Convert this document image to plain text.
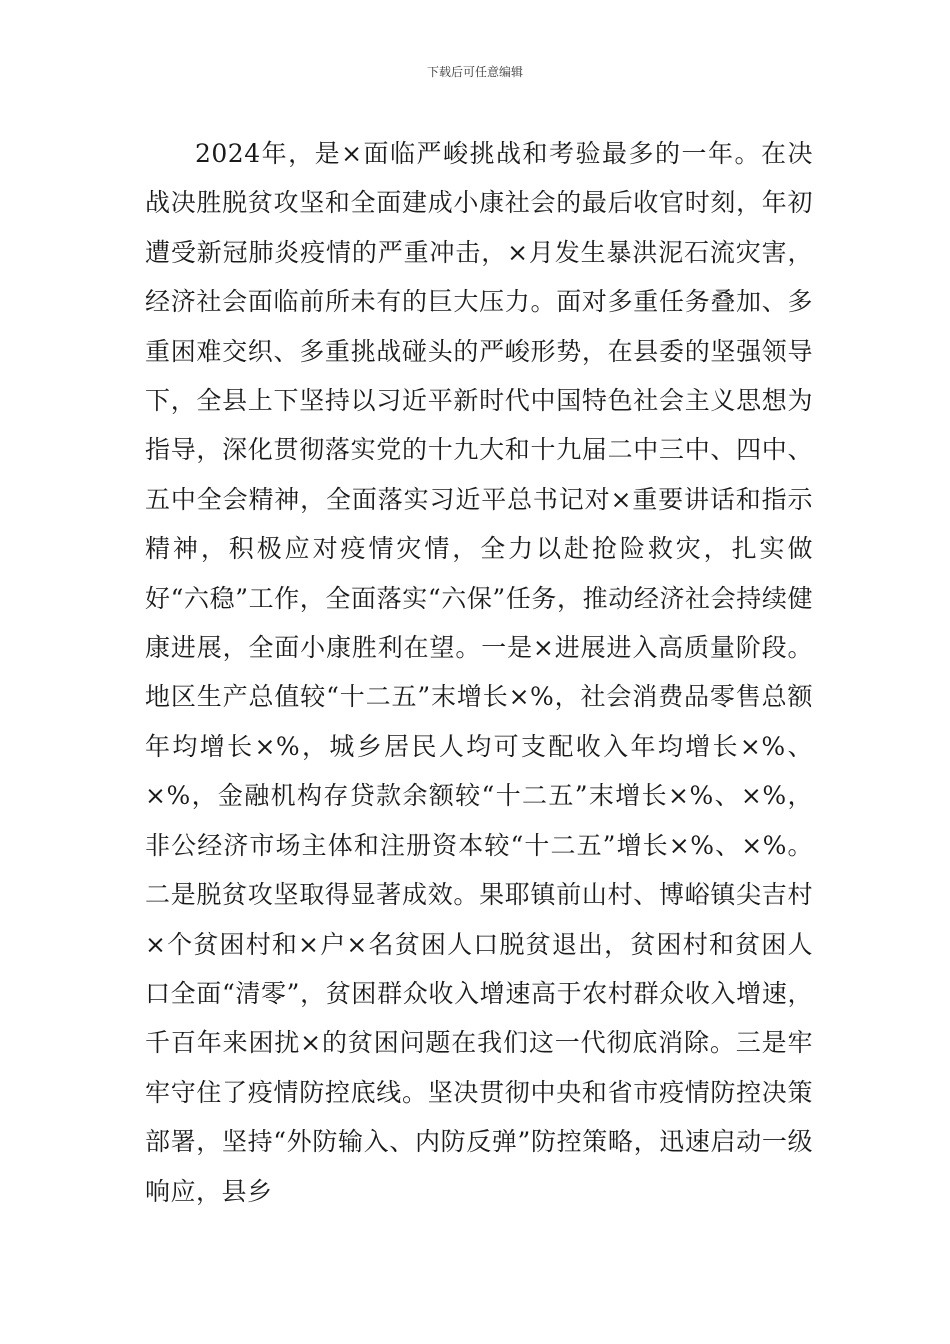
下载后可任意编辑

2024年，是×面临严峻挑战和考验最多的一年。在决战决胜脱贫攻坚和全面建成小康社会的最后收官时刻，年初遭受新冠肺炎疫情的严重冲击，×月发生暴洪泥石流灾害，经济社会面临前所未有的巨大压力。面对多重任务叠加、多重困难交织、多重挑战碰头的严峻形势，在县委的坚强领导下，全县上下坚持以习近平新时代中国特色社会主义思想为指导，深化贯彻落实党的十九大和十九届二中三中、四中、五中全会精神，全面落实习近平总书记对×重要讲话和指示精神，积极应对疫情灾情，全力以赴抢险救灾，扎实做好“六稳”工作，全面落实“六保”任务，推动经济社会持续健康进展，全面小康胜利在望。一是×进展进入高质量阶段。地区生产总值较“十二五”末增长×%，社会消费品零售总额年均增长×%，城乡居民人均可支配收入年均增长×%、×%，金融机构存贷款余额较“十二五”末增长×%、×%，非公经济市场主体和注册资本较“十二五”增长×%、×%。二是脱贫攻坚取得显著成效。果耶镇前山村、博峪镇尖吉村×个贫困村和×户×名贫困人口脱贫退出，贫困村和贫困人口全面“清零”，贫困群众收入增速高于农村群众收入增速，千百年来困扰×的贫困问题在我们这一代彻底消除。三是牢牢守住了疫情防控底线。坚决贯彻中央和省市疫情防控决策部署，坚持“外防输入、内防反弹”防控策略，迅速启动一级响应，县乡
